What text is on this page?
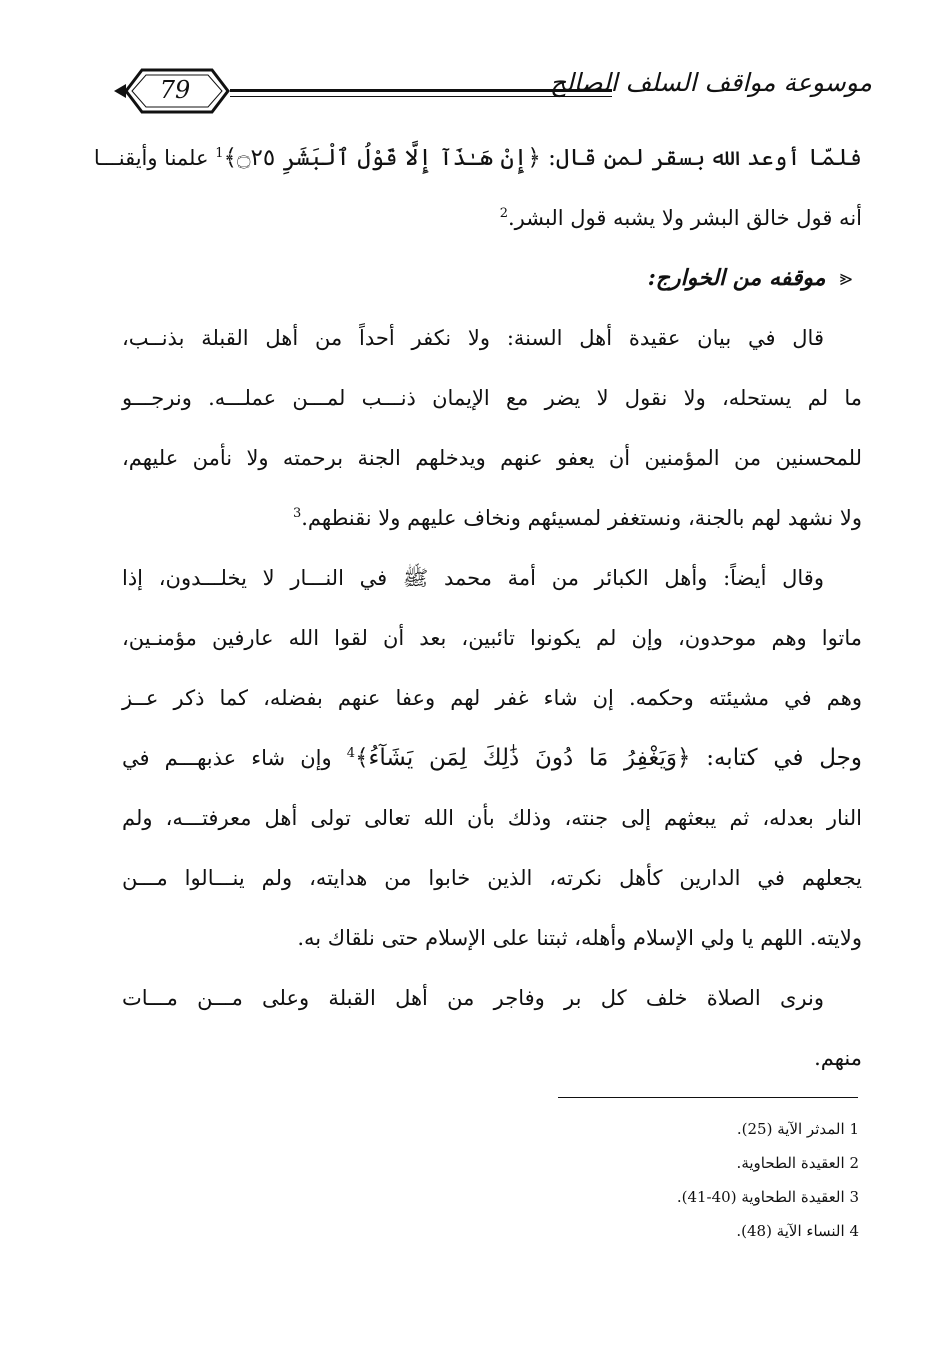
79	موسوعة مواقف السلف الصالح
فلمّا أوعد الله بسقر لمن قال: ﴿إِنْ هَـٰذَآ إِلَّا قَوْلُ ٱلْبَشَرِ ۝٢٥﴾$^1$ علمنا وأيقنـــا
أنه قول خالق البشر ولا يشبه قول البشر.$^2$
⪡موقفه من الخوارج:
قال في بيان عقيدة أهل السنة: ولا نكفر أحداً من أهل القبلة بذنــب،
ما لم يستحله، ولا نقول لا يضر مع الإيمان ذنـــب لمـــن عملـــه. ونرجـــو
للمحسنين من المؤمنين أن يعفو عنهم ويدخلهم الجنة برحمته ولا نأمن عليهم،
ولا نشهد لهم بالجنة، ونستغفر لمسيئهم ونخاف عليهم ولا نقنطهم.$^3$
وقال أيضاً: وأهل الكبائر من أمة محمد ﷺ في النـــار لا يخلـــدون، إذا
ماتوا وهم موحدون، وإن لم يكونوا تائبين، بعد أن لقوا الله عارفين مؤمنـين،
وهم في مشيئته وحكمه. إن شاء غفر لهم وعفا عنهم بفضله، كما ذكر عــز
وجل في كتابه: ﴿وَيَغْفِرُ مَا دُونَ ذَٰلِكَ لِمَن يَشَآءُ﴾$^4$ وإن شاء عذبهـــم في
النار بعدله، ثم يبعثهم إلى جنته، وذلك بأن الله تعالى تولى أهل معرفتـــه، ولم
يجعلهم في الدارين كأهل نكرته، الذين خابوا من هدايته، ولم ينـــالوا مـــن
ولايته. اللهم يا ولي الإسلام وأهله، ثبتنا على الإسلام حتى نلقاك به.
ونرى الصلاة خلف كل بر وفاجر من أهل القبلة وعلى مـــن مـــات
منهم.
1 المدثر الآية (25).
2 العقيدة الطحاوية.
3 العقيدة الطحاوية (40-41).
4 النساء الآية (48).
